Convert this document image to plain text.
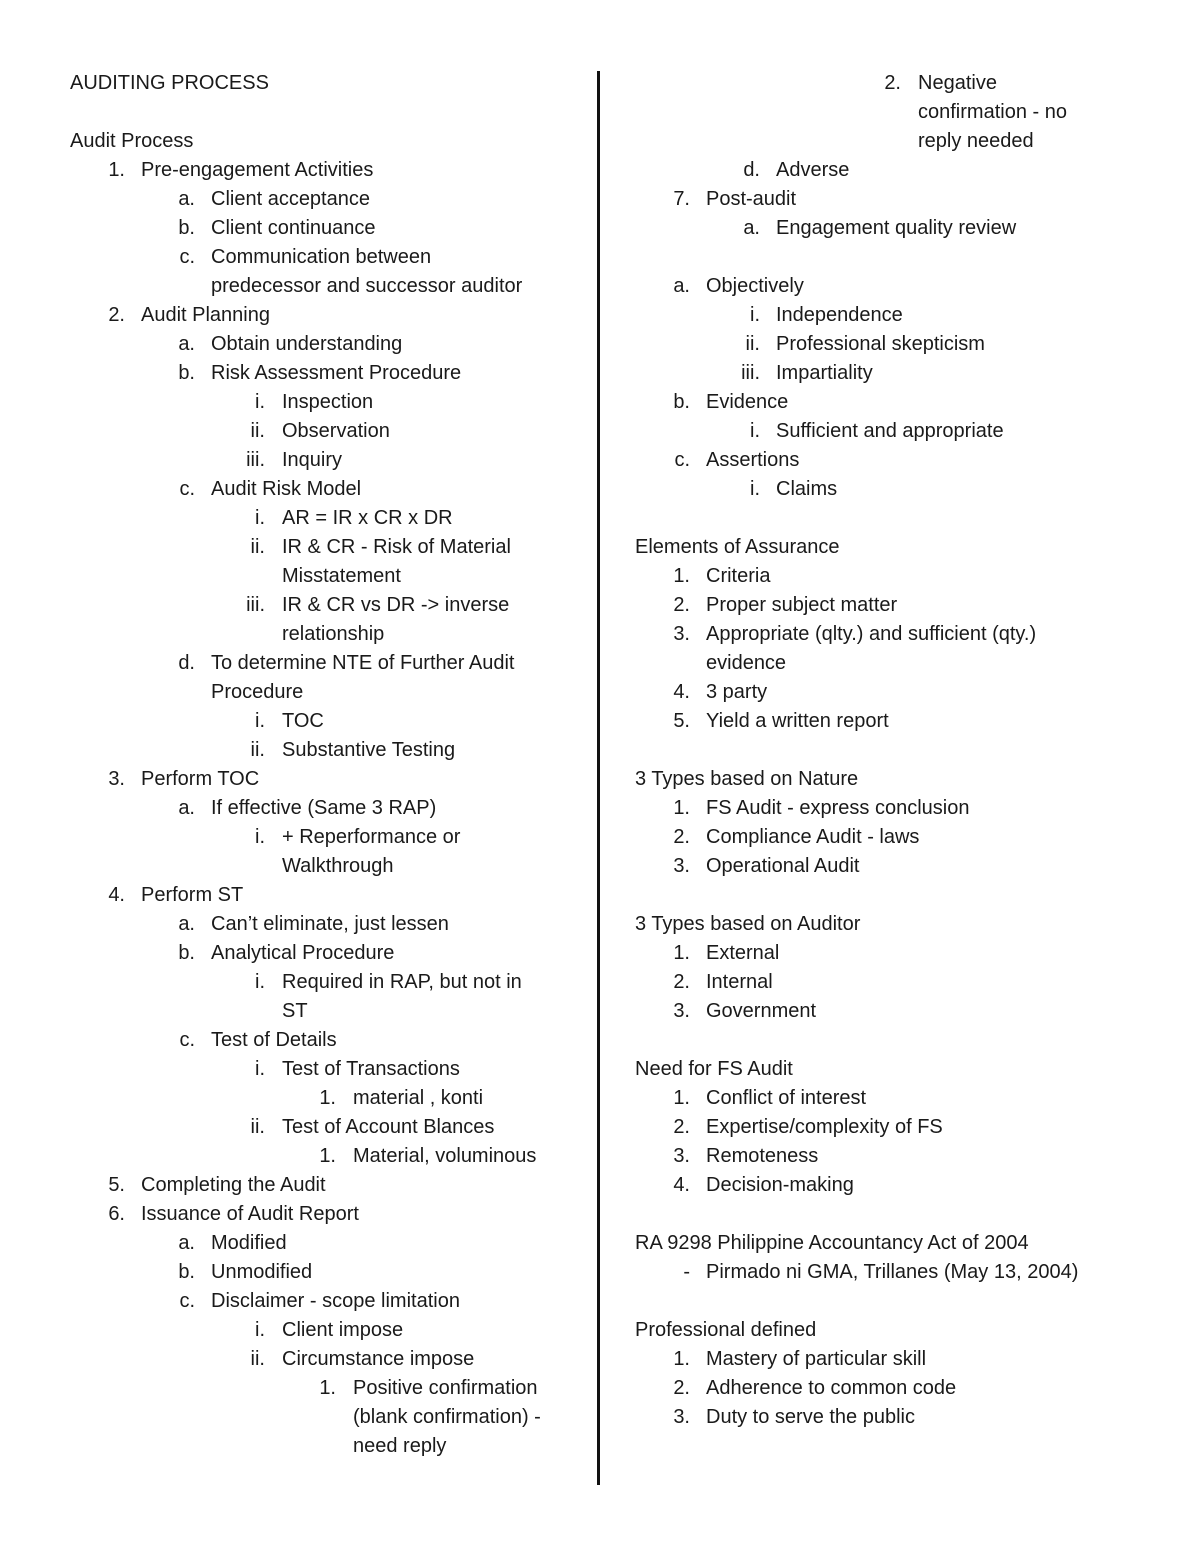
AUDITING PROCESS
Audit Process
1. Pre-engagement Activities
a. Client acceptance
b. Client continuance
c. Communication between
predecessor and successor auditor
2. Audit Planning
a. Obtain understanding
b. Risk Assessment Procedure
i. Inspection
ii. Observation
iii. Inquiry
c. Audit Risk Model
i. AR = IR x CR x DR
ii. IR & CR - Risk of Material
Misstatement
iii. IR & CR vs DR -> inverse
relationship
d. To determine NTE of Further Audit
Procedure
i. TOC
ii. Substantive Testing
3. Perform TOC
a. If effective (Same 3 RAP)
i. + Reperformance or
Walkthrough
4. Perform ST
a. Can’t eliminate, just lessen
b. Analytical Procedure
i. Required in RAP, but not in
ST
c. Test of Details
i. Test of Transactions
1. material , konti
ii. Test of Account Blances
1. Material, voluminous
5. Completing the Audit
6. Issuance of Audit Report
a. Modified
b. Unmodified
c. Disclaimer - scope limitation
i. Client impose
ii. Circumstance impose
1. Positive confirmation
(blank confirmation) -
need reply
2. Negative
confirmation - no
reply needed
d. Adverse
7. Post-audit
a. Engagement quality review
a. Objectively
i. Independence
ii. Professional skepticism
iii. Impartiality
b. Evidence
i. Sufficient and appropriate
c. Assertions
i. Claims
Elements of Assurance
1. Criteria
2. Proper subject matter
3. Appropriate (qlty.) and sufficient (qty.)
evidence
4. 3 party
5. Yield a written report
3 Types based on Nature
1. FS Audit - express conclusion
2. Compliance Audit - laws
3. Operational Audit
3 Types based on Auditor
1. External
2. Internal
3. Government
Need for FS Audit
1. Conflict of interest
2. Expertise/complexity of FS
3. Remoteness
4. Decision-making
RA 9298 Philippine Accountancy Act of 2004
- Pirmado ni GMA, Trillanes (May 13, 2004)
Professional defined
1. Mastery of particular skill
2. Adherence to common code
3. Duty to serve the public
